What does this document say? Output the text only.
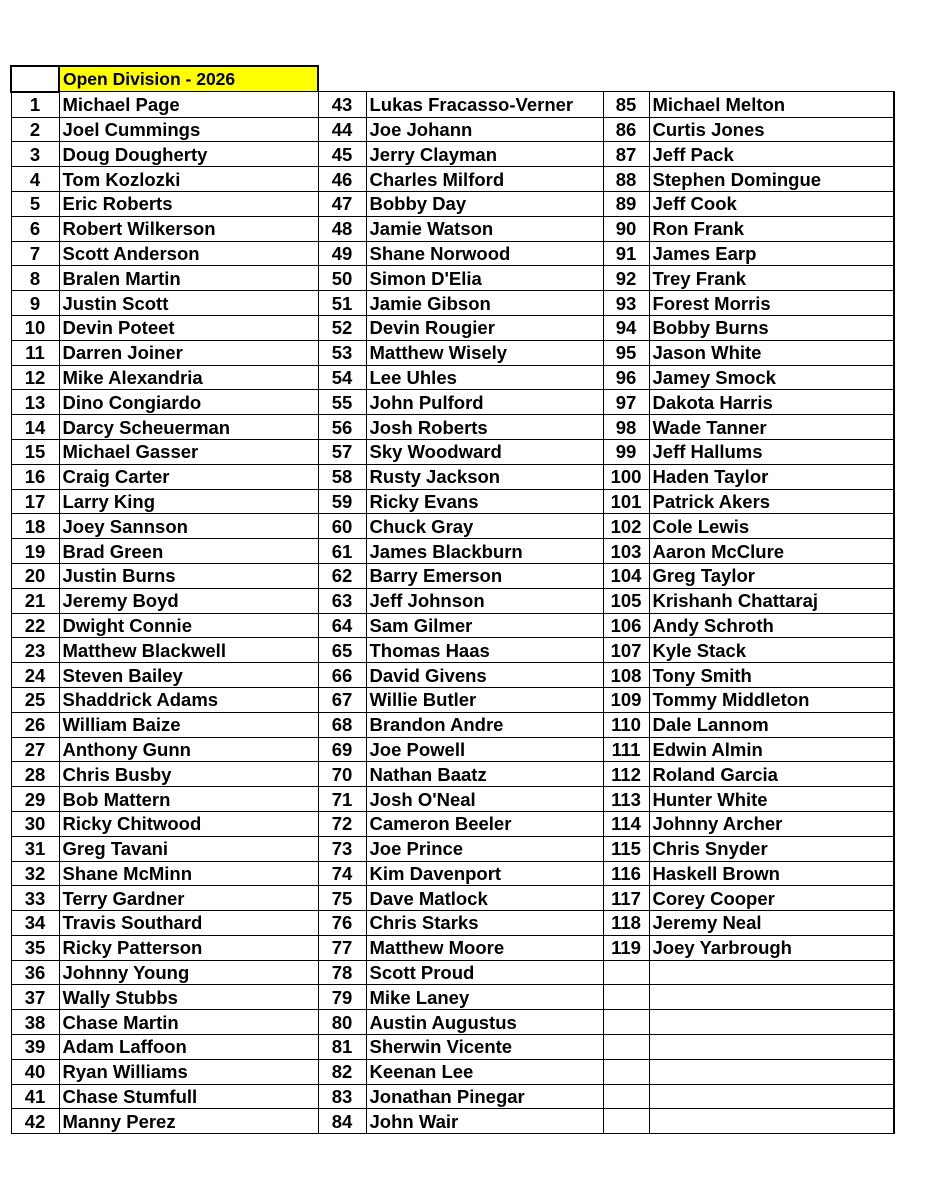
	Open Division - 2026				
1	Michael Page	43	Lukas Fracasso-Verner	85	Michael Melton
2	Joel Cummings	44	Joe Johann	86	Curtis Jones
3	Doug Dougherty	45	Jerry Clayman	87	Jeff Pack
4	Tom Kozlozki	46	Charles Milford	88	Stephen Domingue
5	Eric Roberts	47	Bobby Day	89	Jeff Cook
6	Robert Wilkerson	48	Jamie Watson	90	Ron Frank
7	Scott Anderson	49	Shane Norwood	91	James Earp
8	Bralen Martin	50	Simon D'Elia	92	Trey Frank
9	Justin Scott	51	Jamie Gibson	93	Forest Morris
10	Devin Poteet	52	Devin Rougier	94	Bobby Burns
11	Darren Joiner	53	Matthew Wisely	95	Jason White
12	Mike Alexandria	54	Lee Uhles	96	Jamey Smock
13	Dino Congiardo	55	John Pulford	97	Dakota Harris
14	Darcy Scheuerman	56	Josh Roberts	98	Wade Tanner
15	Michael Gasser	57	Sky Woodward	99	Jeff Hallums
16	Craig Carter	58	Rusty Jackson	100	Haden Taylor
17	Larry King	59	Ricky Evans	101	Patrick Akers
18	Joey Sannson	60	Chuck Gray	102	Cole Lewis
19	Brad Green	61	James Blackburn	103	Aaron McClure
20	Justin Burns	62	Barry Emerson	104	Greg Taylor
21	Jeremy Boyd	63	Jeff Johnson	105	Krishanh Chattaraj
22	Dwight Connie	64	Sam Gilmer	106	Andy Schroth
23	Matthew Blackwell	65	Thomas Haas	107	Kyle Stack
24	Steven Bailey	66	David Givens	108	Tony Smith
25	Shaddrick Adams	67	Willie Butler	109	Tommy Middleton
26	William Baize	68	Brandon Andre	110	Dale Lannom
27	Anthony Gunn	69	Joe Powell	111	Edwin Almin
28	Chris Busby	70	Nathan Baatz	112	Roland Garcia
29	Bob Mattern	71	Josh O'Neal	113	Hunter White
30	Ricky Chitwood	72	Cameron Beeler	114	Johnny Archer
31	Greg Tavani	73	Joe Prince	115	Chris Snyder
32	Shane McMinn	74	Kim Davenport	116	Haskell Brown
33	Terry Gardner	75	Dave Matlock	117	Corey Cooper
34	Travis Southard	76	Chris Starks	118	Jeremy Neal
35	Ricky Patterson	77	Matthew Moore	119	Joey Yarbrough
36	Johnny Young	78	Scott Proud		
37	Wally Stubbs	79	Mike Laney		
38	Chase Martin	80	Austin Augustus		
39	Adam Laffoon	81	Sherwin Vicente		
40	Ryan Williams	82	Keenan Lee		
41	Chase Stumfull	83	Jonathan Pinegar		
42	Manny Perez	84	John Wair		
